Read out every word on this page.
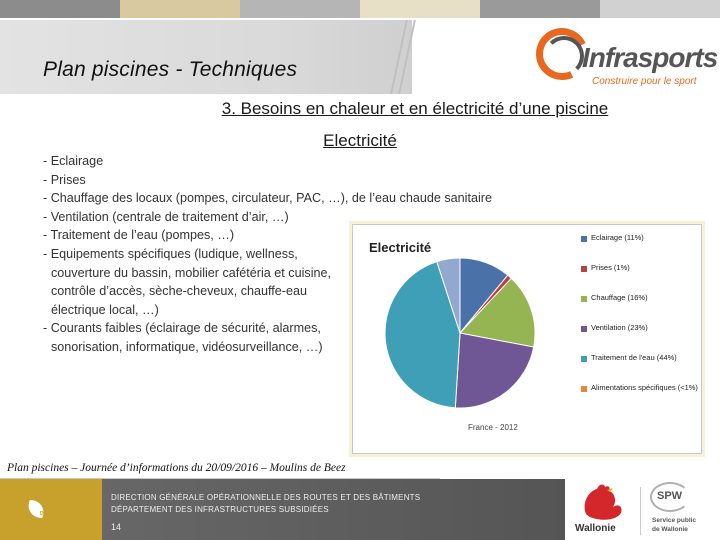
Plan piscines - Techniques	Infrasports
Construire pour le sport
3. Besoins en chaleur et en électricité d’une piscine
Electricité
- Eclairage
- Prises
- Chauffage des locaux (pompes, circulateur, PAC, …), de l’eau chaude sanitaire
- Ventilation (centrale de traitement d’air, …)
- Traitement de l’eau (pompes, …)
- Equipements spécifiques (ludique, wellness,
couverture du bassin, mobilier cafétéria et cuisine,
contrôle d’accès, sèche-cheveux, chauffe-eau
électrique local, …)
- Courants faibles (éclairage de sécurité, alarmes,
sonorisation, informatique, vidéosurveillance, …)
Electricité
Eclairage (11%)
Prises (1%)
Chauffage (16%)
Ventilation (23%)
Traitement de l'eau (44%)
Alimentations spécifiques (<1%)
France - 2012
Plan piscines – Journée d’informations du 20/09/2016 – Moulins de Beez
DGO 1
DIRECTION GÉNÉRALE OPÉRATIONNELLE DES ROUTES ET DES BÂTIMENTS
DÉPARTEMENT DES INFRASTRUCTURES SUBSIDIÉES
14	Wallonie
SPW
Service public
de Wallonie
